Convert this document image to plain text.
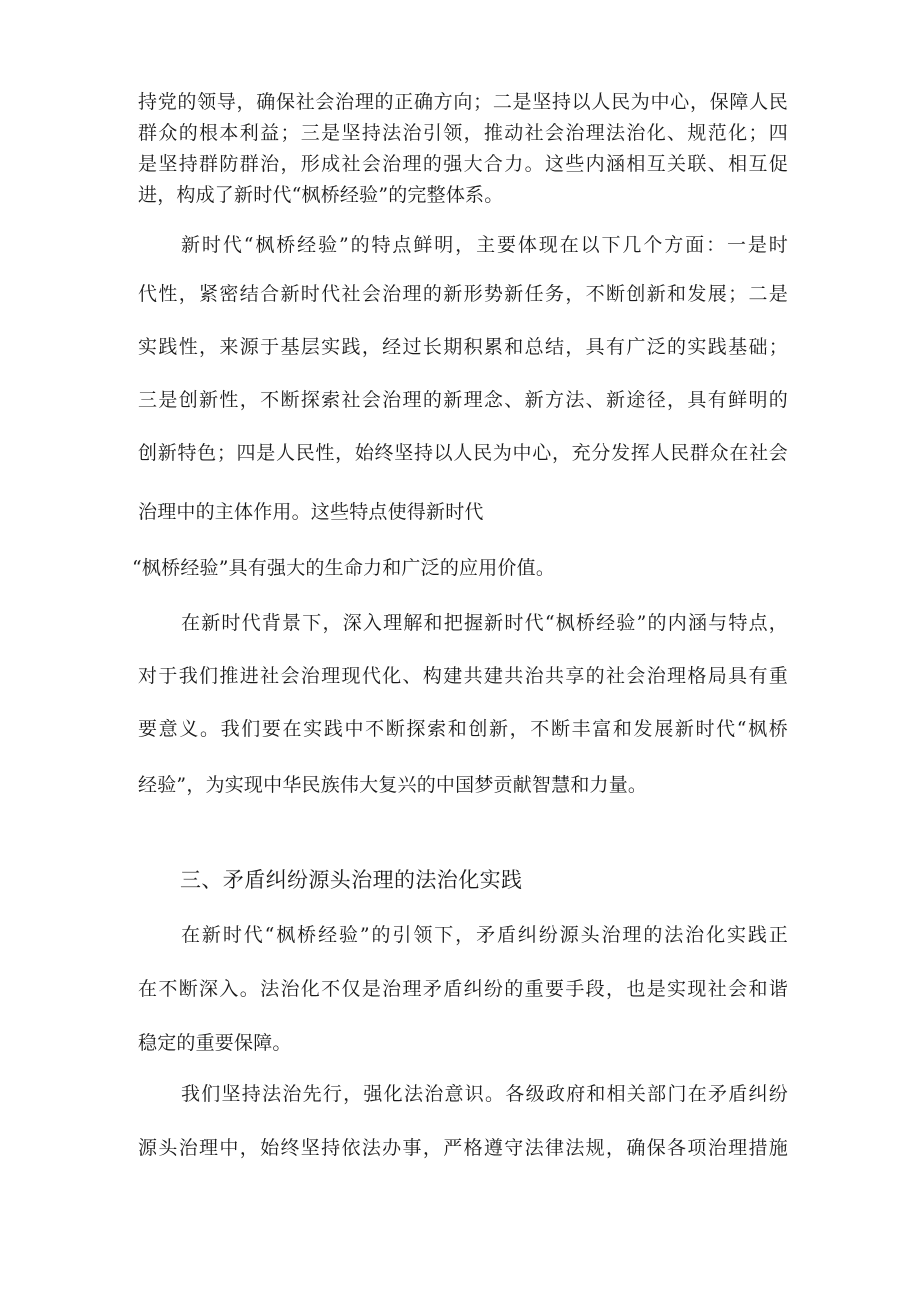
持党的领导，确保社会治理的正确方向；二是坚持以人民为中心，保障人民
群众的根本利益；三是坚持法治引领，推动社会治理法治化、规范化；四
是坚持群防群治，形成社会治理的强大合力。这些内涵相互关联、相互促
进，构成了新时代“枫桥经验”的完整体系。
新时代“枫桥经验”的特点鲜明，主要体现在以下几个方面：一是时
代性，紧密结合新时代社会治理的新形势新任务，不断创新和发展；二是
实践性，来源于基层实践，经过长期积累和总结，具有广泛的实践基础；
三是创新性，不断探索社会治理的新理念、新方法、新途径，具有鲜明的
创新特色；四是人民性，始终坚持以人民为中心，充分发挥人民群众在社会
治理中的主体作用。这些特点使得新时代
“枫桥经验”具有强大的生命力和广泛的应用价值。
在新时代背景下，深入理解和把握新时代“枫桥经验”的内涵与特点，
对于我们推进社会治理现代化、构建共建共治共享的社会治理格局具有重
要意义。我们要在实践中不断探索和创新，不断丰富和发展新时代“枫桥
经验”，为实现中华民族伟大复兴的中国梦贡献智慧和力量。
三、矛盾纠纷源头治理的法治化实践
在新时代“枫桥经验”的引领下，矛盾纠纷源头治理的法治化实践正
在不断深入。法治化不仅是治理矛盾纠纷的重要手段，也是实现社会和谐
稳定的重要保障。
我们坚持法治先行，强化法治意识。各级政府和相关部门在矛盾纠纷
源头治理中，始终坚持依法办事，严格遵守法律法规，确保各项治理措施
